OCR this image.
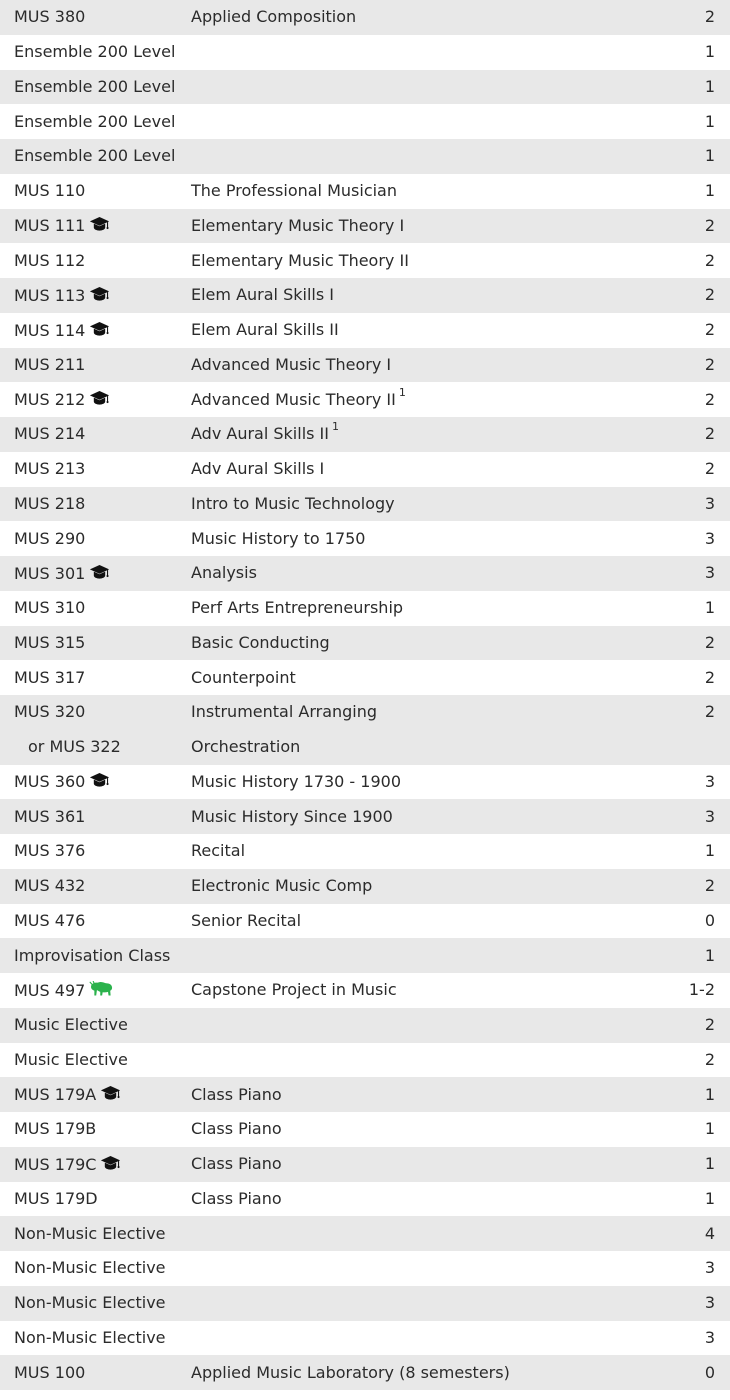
MUS 380	Applied Composition	2
Ensemble 200 Level		1
Ensemble 200 Level		1
Ensemble 200 Level		1
Ensemble 200 Level		1
MUS 110	The Professional Musician	1
MUS 111	Elementary Music Theory I	2
MUS 112	Elementary Music Theory II	2
MUS 113	Elem Aural Skills I	2
MUS 114	Elem Aural Skills II	2
MUS 211	Advanced Music Theory I	2
MUS 212	Advanced Music Theory II $^1$	2
MUS 214	Adv Aural Skills II $^1$	2
MUS 213	Adv Aural Skills I	2
MUS 218	Intro to Music Technology	3
MUS 290	Music History to 1750	3
MUS 301	Analysis	3
MUS 310	Perf Arts Entrepreneurship	1
MUS 315	Basic Conducting	2
MUS 317	Counterpoint	2
MUS 320	Instrumental Arranging	2
or MUS 322	Orchestration	
MUS 360	Music History 1730 - 1900	3
MUS 361	Music History Since 1900	3
MUS 376	Recital	1
MUS 432	Electronic Music Comp	2
MUS 476	Senior Recital	0
Improvisation Class		1
MUS 497	Capstone Project in Music	1-2
Music Elective		2
Music Elective		2
MUS 179A	Class Piano	1
MUS 179B	Class Piano	1
MUS 179C	Class Piano	1
MUS 179D	Class Piano	1
Non-Music Elective		4
Non-Music Elective		3
Non-Music Elective		3
Non-Music Elective		3
MUS 100	Applied Music Laboratory (8 semesters)	0
